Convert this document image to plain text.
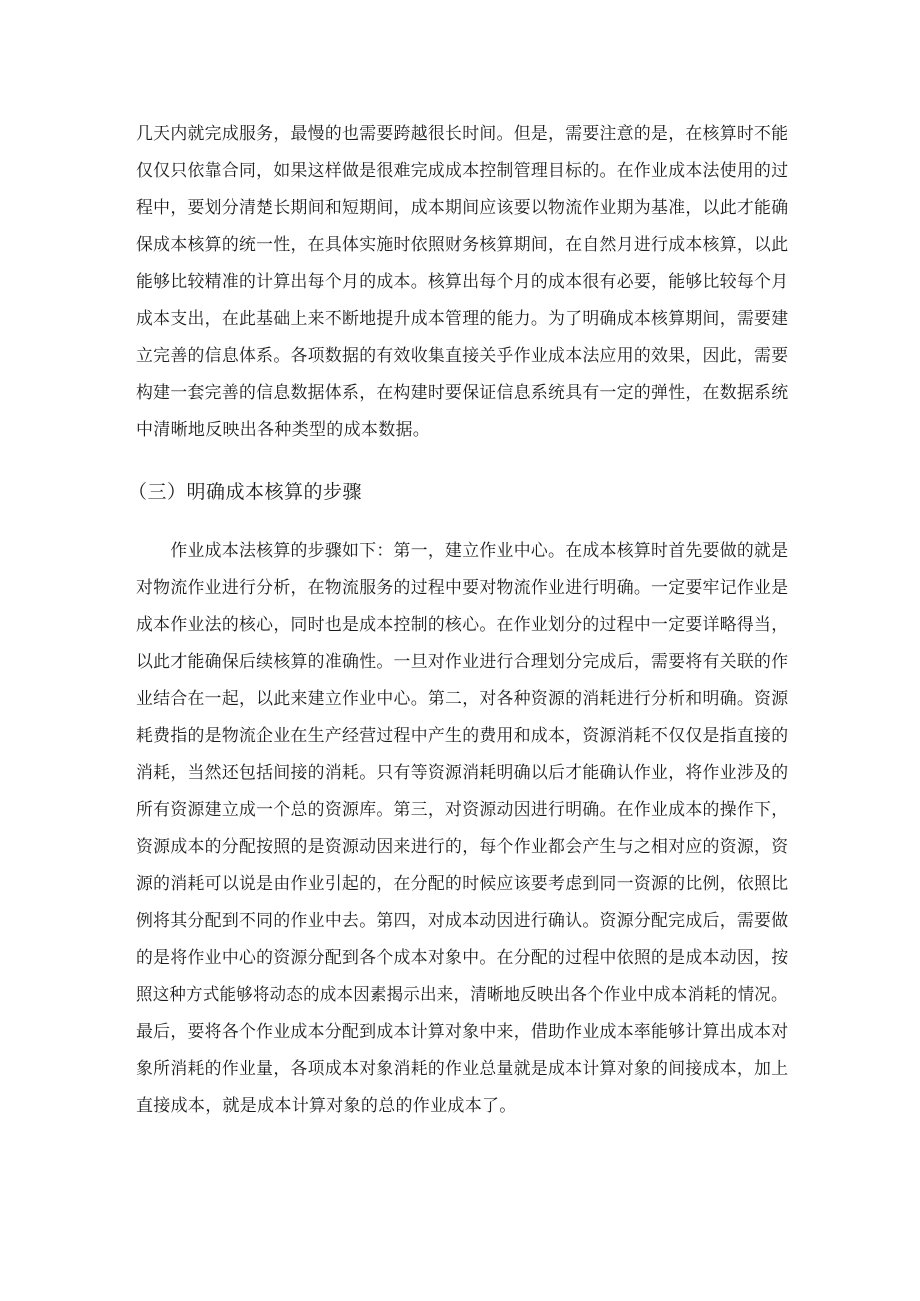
几天内就完成服务，最慢的也需要跨越很长时间。但是，需要注意的是，在核算时不能
仅仅只依靠合同，如果这样做是很难完成成本控制管理目标的。在作业成本法使用的过
程中，要划分清楚长期间和短期间，成本期间应该要以物流作业期为基准，以此才能确
保成本核算的统一性，在具体实施时依照财务核算期间，在自然月进行成本核算，以此
能够比较精准的计算出每个月的成本。核算出每个月的成本很有必要，能够比较每个月
成本支出，在此基础上来不断地提升成本管理的能力。为了明确成本核算期间，需要建
立完善的信息体系。各项数据的有效收集直接关乎作业成本法应用的效果，因此，需要
构建一套完善的信息数据体系，在构建时要保证信息系统具有一定的弹性，在数据系统
中清晰地反映出各种类型的成本数据。
（三）明确成本核算的步骤
　　作业成本法核算的步骤如下：第一，建立作业中心。在成本核算时首先要做的就是
对物流作业进行分析，在物流服务的过程中要对物流作业进行明确。一定要牢记作业是
成本作业法的核心，同时也是成本控制的核心。在作业划分的过程中一定要详略得当，
以此才能确保后续核算的准确性。一旦对作业进行合理划分完成后，需要将有关联的作
业结合在一起，以此来建立作业中心。第二，对各种资源的消耗进行分析和明确。资源
耗费指的是物流企业在生产经营过程中产生的费用和成本，资源消耗不仅仅是指直接的
消耗，当然还包括间接的消耗。只有等资源消耗明确以后才能确认作业，将作业涉及的
所有资源建立成一个总的资源库。第三，对资源动因进行明确。在作业成本的操作下，
资源成本的分配按照的是资源动因来进行的，每个作业都会产生与之相对应的资源，资
源的消耗可以说是由作业引起的，在分配的时候应该要考虑到同一资源的比例，依照比
例将其分配到不同的作业中去。第四，对成本动因进行确认。资源分配完成后，需要做
的是将作业中心的资源分配到各个成本对象中。在分配的过程中依照的是成本动因，按
照这种方式能够将动态的成本因素揭示出来，清晰地反映出各个作业中成本消耗的情况。
最后，要将各个作业成本分配到成本计算对象中来，借助作业成本率能够计算出成本对
象所消耗的作业量，各项成本对象消耗的作业总量就是成本计算对象的间接成本，加上
直接成本，就是成本计算对象的总的作业成本了。
